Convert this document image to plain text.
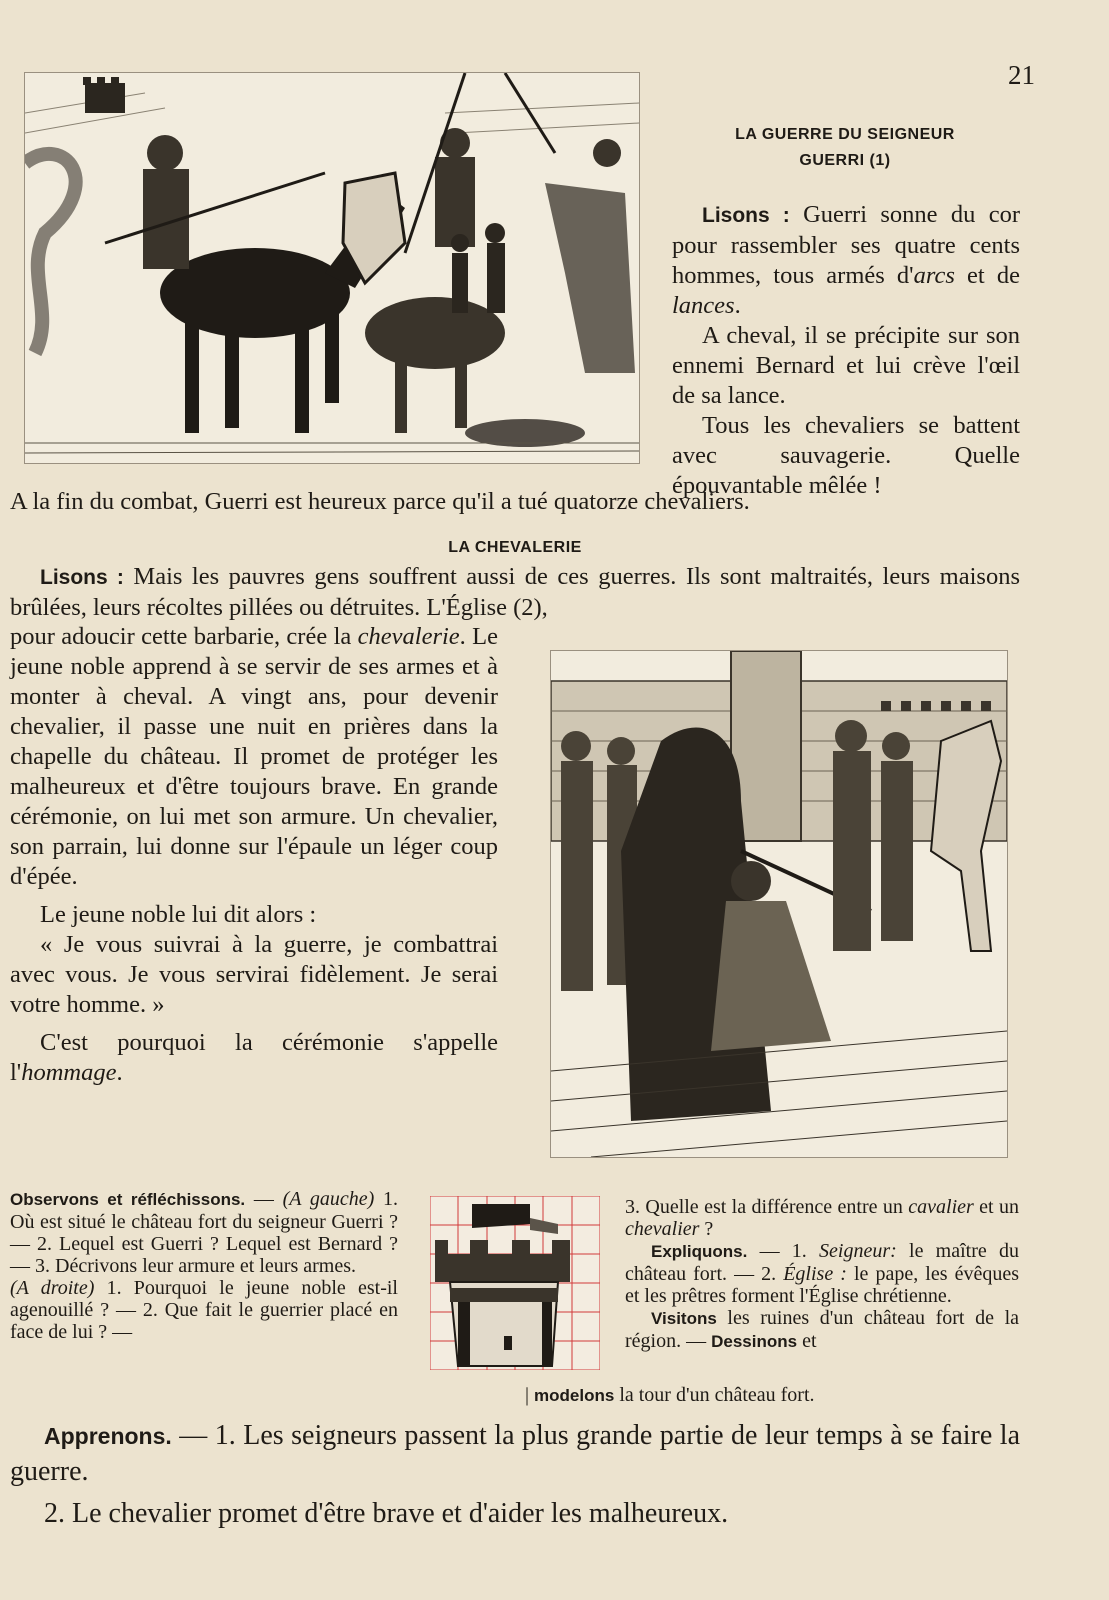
21
LA GUERRE DU SEIGNEUR
GUERRI (1)

Lisons : Guerri sonne du cor pour rassembler ses quatre cents hommes, tous armés d'arcs et de lances.

A cheval, il se précipite sur son ennemi Bernard et lui crève l'œil de sa lance.

Tous les chevaliers se battent avec sauvagerie. Quelle épouvantable mêlée !

A la fin du combat, Guerri est heureux parce qu'il a tué quatorze chevaliers.

LA CHEVALERIE

Lisons : Mais les pauvres gens souffrent aussi de ces guerres. Ils sont maltraités, leurs maisons brûlées, leurs récoltes pillées ou détruites. L'Église (2),

pour adoucir cette barbarie, crée la chevalerie. Le jeune noble apprend à se servir de ses armes et à monter à cheval. A vingt ans, pour devenir chevalier, il passe une nuit en prières dans la chapelle du château. Il promet de protéger les malheureux et d'être toujours brave. En grande cérémonie, on lui met son armure. Un chevalier, son parrain, lui donne sur l'épaule un léger coup d'épée.

Le jeune noble lui dit alors :

« Je vous suivrai à la guerre, je combattrai avec vous. Je vous servirai fidèlement. Je serai votre homme. »

C'est pourquoi la cérémonie s'appelle l'hommage.

Observons et réfléchissons. — (A gauche) 1. Où est situé le château fort du seigneur Guerri ? — 2. Lequel est Guerri ? Lequel est Bernard ? — 3. Décrivons leur armure et leurs armes.

(A droite) 1. Pourquoi le jeune noble est-il agenouillé ? — 2. Que fait le guerrier placé en face de lui ? —

3. Quelle est la différence entre un cavalier et un chevalier ?

Expliquons. — 1. Seigneur: le maître du château fort. — 2. Église : le pape, les évêques et les prêtres forment l'Église chrétienne.

Visitons les ruines d'un château fort de la région. — Dessinons et

| modelons la tour d'un château fort.

Apprenons. — 1. Les seigneurs passent la plus grande partie de leur temps à se faire la guerre.

2. Le chevalier promet d'être brave et d'aider les malheureux.
